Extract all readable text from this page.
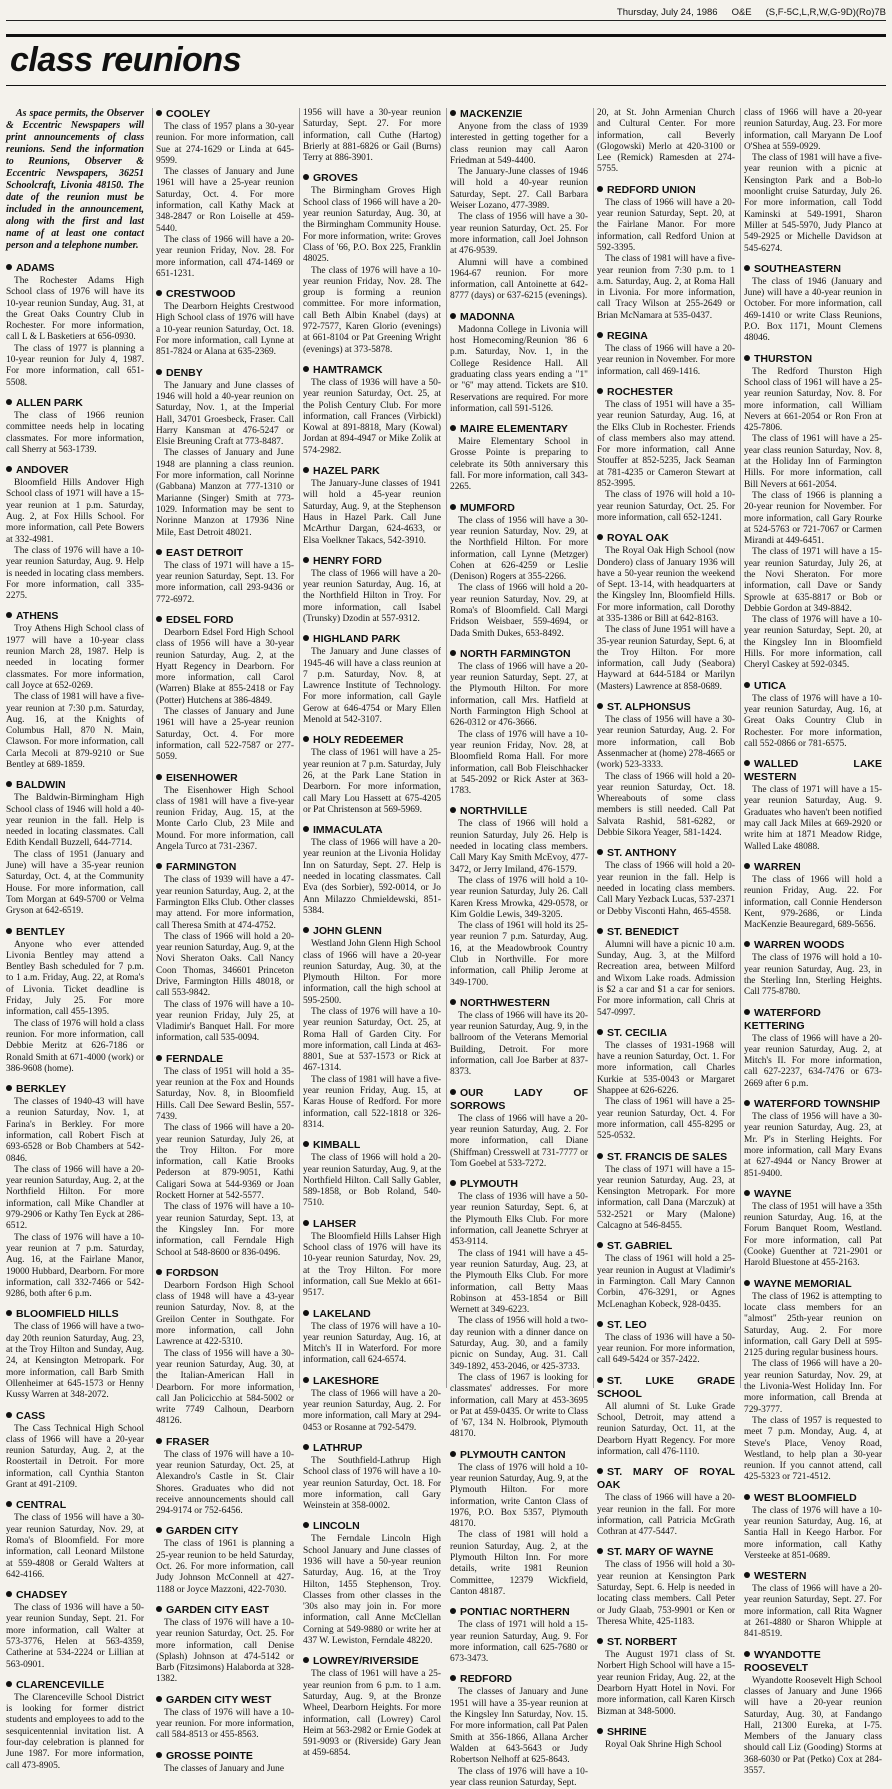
Thursday, July 24, 1986 O&E (S,F-5C,L,R,W,G-9D)(Ro)7B
class reunions

As space permits, the Observer & Eccentric Newspapers will print announcements of class reunions. Send the information to Reunions, Observer & Eccentric Newspapers, 36251 Schoolcraft, Livonia 48150. The date of the reunion must be included in the announcement, along with the first and last name of at least one contact person and a telephone number.

ADAMS

The Rochester Adams High School class of 1976 will have its 10-year reunion Sunday, Aug. 31, at the Great Oaks Country Club in Rochester. For more information, call L & L Basketiers at 656-0930.

The class of 1977 is planning a 10-year reunion for July 4, 1987. For more information, call 651-5508.

ALLEN PARK

The class of 1966 reunion committee needs help in locating classmates. For more information, call Sherry at 563-1739.

ANDOVER

Bloomfield Hills Andover High School class of 1971 will have a 15-year reunion at 1 p.m. Saturday, Aug. 2, at Fox Hills School. For more information, call Pete Bowers at 332-4981.

The class of 1976 will have a 10-year reunion Saturday, Aug. 9. Help is needed in locating class members. For more information, call 335-2275.

ATHENS

Troy Athens High School class of 1977 will have a 10-year class reunion March 28, 1987. Help is needed in locating former classmates. For more information, call Joyce at 652-0269.

The class of 1981 will have a five-year reunion at 7:30 p.m. Saturday, Aug. 16, at the Knights of Columbus Hall, 870 N. Main, Clawson. For more information, call Carla Mecoli at 879-9210 or Sue Bentley at 689-1859.

BALDWIN

The Baldwin-Birmingham High School class of 1946 will hold a 40-year reunion in the fall. Help is needed in locating classmates. Call Edith Kendall Buzzell, 644-7714.

The class of 1951 (January and June) will have a 35-year reunion Saturday, Oct. 4, at the Community House. For more information, call Tom Morgan at 649-5700 or Velma Gryson at 642-6519.

BENTLEY

Anyone who ever attended Livonia Bentley may attend a Bentley Bash scheduled for 7 p.m. to 1 a.m. Friday, Aug. 22, at Roma's of Livonia. Ticket deadline is Friday, July 25. For more information, call 455-1395.

The class of 1976 will hold a class reunion. For more information, call Debbie Meritz at 626-7186 or Ronald Smith at 671-4000 (work) or 386-9608 (home).

BERKLEY

The classes of 1940-43 will have a reunion Saturday, Nov. 1, at Farina's in Berkley. For more information, call Robert Fisch at 693-6528 or Bob Chambers at 542-0846.

The class of 1966 will have a 20-year reunion Saturday, Aug. 2, at the Northfield Hilton. For more information, call Mike Chandler at 979-2906 or Kathy Ten Eyck at 286-6512.

The class of 1976 will have a 10-year reunion at 7 p.m. Saturday, Aug. 16, at the Fairlane Manor, 19000 Hubbard, Dearborn. For more information, call 332-7466 or 542-9286, both after 6 p.m.

BLOOMFIELD HILLS

The class of 1966 will have a two-day 20th reunion Saturday, Aug. 23, at the Troy Hilton and Sunday, Aug. 24, at Kensington Metropark. For more information, call Barb Smith Ollenheimer at 645-1573 or Henny Kussy Warren at 348-2072.

CASS

The Cass Technical High School class of 1966 will have a 20-year reunion Saturday, Aug. 2, at the Roostertail in Detroit. For more information, call Cynthia Stanton Grant at 491-2109.

CENTRAL

The class of 1956 will have a 30-year reunion Saturday, Nov. 29, at Roma's of Bloomfield. For more information, call Leonard Milstone at 559-4808 or Gerald Walters at 642-4166.

CHADSEY

The class of 1936 will have a 50-year reunion Sunday, Sept. 21. For more information, call Walter at 573-3776, Helen at 563-4359, Catherine at 534-2224 or Lillian at 563-0901.

CLARENCEVILLE

The Clarenceville School District is looking for former district students and employees to add to the sesquicentennial invitation list. A four-day celebration is planned for June 1987. For more information, call 473-8905.

COOLEY

The class of 1957 plans a 30-year reunion. For more information, call Sue at 274-1629 or Linda at 645-9599.

The classes of January and June 1961 will have a 25-year reunion Saturday, Oct. 4. For more information, call Kathy Mack at 348-2847 or Ron Loiselle at 459-5440.

The class of 1966 will have a 20-year reunion Friday, Nov. 28. For more information, call 474-1469 or 651-1231.

CRESTWOOD

The Dearborn Heights Crestwood High School class of 1976 will have a 10-year reunion Saturday, Oct. 18. For more information, call Lynne at 851-7824 or Alana at 635-2369.

DENBY

The January and June classes of 1946 will hold a 40-year reunion on Saturday, Nov. 1, at the Imperial Hall, 34701 Groesbeck, Fraser. Call Harry Kansman at 476-5247 or Elsie Breuning Craft at 773-8487.

The classes of January and June 1948 are planning a class reunion. For more information, call Norinne (Gabbana) Manzon at 777-1310 or Marianne (Singer) Smith at 773-1029. Information may be sent to Norinne Manzon at 17936 Nine Mile, East Detroit 48021.

EAST DETROIT

The class of 1971 will have a 15-year reunion Saturday, Sept. 13. For more information, call 293-9436 or 772-6972.

EDSEL FORD

Dearborn Edsel Ford High School class of 1956 will have a 30-year reunion Saturday, Aug. 2, at the Hyatt Regency in Dearborn. For more information, call Carol (Warren) Blake at 855-2418 or Fay (Potter) Hutchens at 386-4849.

The classes of January and June 1961 will have a 25-year reunion Saturday, Oct. 4. For more information, call 522-7587 or 277-5059.

EISENHOWER

The Eisenhower High School class of 1981 will have a five-year reunion Friday, Aug. 15, at the Monte Carlo Club, 23 Mile and Mound. For more information, call Angela Turco at 731-2367.

FARMINGTON

The class of 1939 will have a 47-year reunion Saturday, Aug. 2, at the Farmington Elks Club. Other classes may attend. For more information, call Theresa Smith at 474-4752.

The class of 1966 will hold a 20-year reunion Saturday, Aug. 9, at the Novi Sheraton Oaks. Call Nancy Coon Thomas, 346601 Princeton Drive, Farmington Hills 48018, or call 553-9842.

The class of 1976 will have a 10-year reunion Friday, July 25, at Vladimir's Banquet Hall. For more information, call 535-0094.

FERNDALE

The class of 1951 will hold a 35-year reunion at the Fox and Hounds Saturday, Nov. 8, in Bloomfield Hills. Call Dee Seward Beslin, 557-7439.

The class of 1966 will have a 20-year reunion Saturday, July 26, at the Troy Hilton. For more information, call Katie Brooks Pederson at 879-9051, Kathi Caligari Sowa at 544-9369 or Joan Rockett Horner at 542-5577.

The class of 1976 will have a 10-year reunion Saturday, Sept. 13, at the Kingsley Inn. For more information, call Ferndale High School at 548-8600 or 836-0496.

FORDSON

Dearborn Fordson High School class of 1948 will have a 43-year reunion Saturday, Nov. 8, at the Greilon Center in Southgate. For more information, call John Lawrence at 422-5310.

The class of 1956 will have a 30-year reunion Saturday, Aug. 30, at the Italian-American Hall in Dearborn. For more information, call Jan Policicchio at 584-5002 or write 7749 Calhoun, Dearborn 48126.

FRASER

The class of 1976 will have a 10-year reunion Saturday, Oct. 25, at Alexandro's Castle in St. Clair Shores. Graduates who did not receive announcements should call 294-9174 or 752-6456.

GARDEN CITY

The class of 1961 is planning a 25-year reunion to be held Saturday, Oct. 26. For more information, call Judy Johnson McConnell at 427-1188 or Joyce Mazzoni, 422-7030.

GARDEN CITY EAST

The class of 1976 will have a 10-year reunion Saturday, Oct. 25. For more information, call Denise (Splash) Johnson at 474-5142 or Barb (Fitzsimons) Halaborda at 328-1382.

GARDEN CITY WEST

The class of 1976 will have a 10-year reunion. For more information, call 584-8513 or 455-8563.

GROSSE POINTE

The classes of January and June

1956 will have a 30-year reunion Saturday, Sept. 27. For more information, call Cuthe (Hartog) Brierly at 881-6826 or Gail (Burns) Terry at 886-3901.

GROVES

The Birmingham Groves High School class of 1966 will have a 20-year reunion Saturday, Aug. 30, at the Birmingham Community House. For more information, write: Groves Class of '66, P.O. Box 225, Franklin 48025.

The class of 1976 will have a 10-year reunion Friday, Nov. 28. The group is forming a reunion committee. For more information, call Beth Albin Knabel (days) at 972-7577, Karen Glorio (evenings) at 661-8104 or Pat Greening Wright (evenings) at 373-5878.

HAMTRAMCK

The class of 1936 will have a 50-year reunion Saturday, Oct. 25, at the Polish Century Club. For more information, call Frances (Virbickl) Kowal at 891-8818, Mary (Kowal) Jordan at 894-4947 or Mike Zolik at 574-2982.

HAZEL PARK

The January-June classes of 1941 will hold a 45-year reunion Saturday, Aug. 9, at the Stephenson Haus in Hazel Park. Call June McArthur Dargan, 624-4633, or Elsa Voelkner Takacs, 542-3910.

HENRY FORD

The class of 1966 will have a 20-year reunion Saturday, Aug. 16, at the Northfield Hilton in Troy. For more information, call Isabel (Trunsky) Dzodin at 557-9312.

HIGHLAND PARK

The January and June classes of 1945-46 will have a class reunion at 7 p.m. Saturday, Nov. 8, at Lawrence Institute of Technology. For more information, call Gayle Gerow at 646-4754 or Mary Ellen Menold at 542-3107.

HOLY REDEEMER

The class of 1961 will have a 25-year reunion at 7 p.m. Saturday, July 26, at the Park Lane Station in Dearborn. For more information, call Mary Lou Hassett at 675-4205 or Pat Christenson at 569-5969.

IMMACULATA

The class of 1966 will have a 20-year reunion at the Livonia Holiday Inn on Saturday, Sept. 27. Help is needed in locating classmates. Call Eva (des Sorbier), 592-0014, or Jo Ann Milazzo Chmieldewski, 851-5384.

JOHN GLENN

Westland John Glenn High School class of 1966 will have a 20-year reunion Saturday, Aug. 30, at the Plymouth Hilton. For more information, call the high school at 595-2500.

The class of 1976 will have a 10-year reunion Saturday, Oct. 25, at Roma Hall of Garden City. For more information, call Linda at 463-8801, Sue at 537-1573 or Rick at 467-1314.

The class of 1981 will have a five-year reunion Friday, Aug. 15, at Karas House of Redford. For more information, call 522-1818 or 326-8314.

KIMBALL

The class of 1966 will hold a 20-year reunion Saturday, Aug. 9, at the Northfield Hilton. Call Sally Gabler, 589-1858, or Bob Roland, 540-7510.

LAHSER

The Bloomfield Hills Lahser High School class of 1976 will have its 10-year reunion Saturday, Nov. 29, at the Troy Hilton. For more information, call Sue Meklo at 661-9517.

LAKELAND

The class of 1976 will have a 10-year reunion Saturday, Aug. 16, at Mitch's II in Waterford. For more information, call 624-6574.

LAKESHORE

The class of 1966 will have a 20-year reunion Saturday, Aug. 2. For more information, call Mary at 294-0453 or Rosanne at 792-5479.

LATHRUP

The Southfield-Lathrup High School class of 1976 will have a 10-year reunion Saturday, Oct. 18. For more information, call Gary Weinstein at 358-0002.

LINCOLN

The Ferndale Lincoln High School January and June classes of 1936 will have a 50-year reunion Saturday, Aug. 16, at the Troy Hilton, 1455 Stephenson, Troy. Classes from other classes in the '30s also may join in. For more information, call Anne McClellan Corning at 549-9880 or write her at 437 W. Lewiston, Ferndale 48220.

LOWREY/RIVERSIDE

The class of 1961 will have a 25-year reunion from 6 p.m. to 1 a.m. Saturday, Aug. 9, at the Bronze Wheel, Dearborn Heights. For more information, call (Lowrey) Carol Heim at 563-2982 or Ernie Godek at 591-9093 or (Riverside) Gary Jean at 459-6854.

MACKENZIE

Anyone from the class of 1939 interested in getting together for a class reunion may call Aaron Friedman at 549-4400.

The January-June classes of 1946 will hold a 40-year reunion Saturday, Sept. 27. Call Barbara Weiser Lozano, 477-3989.

The class of 1956 will have a 30-year reunion Saturday, Oct. 25. For more information, call Joel Johnson at 476-9539.

Alumni will have a combined 1964-67 reunion. For more information, call Antoinette at 642-8777 (days) or 637-6215 (evenings).

MADONNA

Madonna College in Livonia will host Homecoming/Reunion '86 6 p.m. Saturday, Nov. 1, in the College Residence Hall. All graduating class years ending a "1" or "6" may attend. Tickets are $10. Reservations are required. For more information, call 591-5126.

MAIRE ELEMENTARY

Maire Elementary School in Grosse Pointe is preparing to celebrate its 50th anniversary this fall. For more information, call 343-2265.

MUMFORD

The class of 1956 will have a 30-year reunion Saturday, Nov. 29, at the Northfield Hilton. For more information, call Lynne (Metzger) Cohen at 626-4259 or Leslie (Denison) Rogers at 355-2266.

The class of 1966 will hold a 20-year reunion Saturday, Nov. 29, at Roma's of Bloomfield. Call Margi Fridson Weisbaer, 559-4694, or Dada Smith Dukes, 653-8492.

NORTH FARMINGTON

The class of 1966 will have a 20-year reunion Saturday, Sept. 27, at the Plymouth Hilton. For more information, call Mrs. Hatfield at North Farmington High School at 626-0312 or 476-3666.

The class of 1976 will have a 10-year reunion Friday, Nov. 28, at Bloomfield Roma Hall. For more information, call Bob Fleischhacker at 545-2092 or Rick Aster at 363-1783.

NORTHVILLE

The class of 1966 will hold a reunion Saturday, July 26. Help is needed in locating class members. Call Mary Kay Smith McEvoy, 477-3472, or Jerry Imiland, 476-1579.

The class of 1976 will hold a 10-year reunion Saturday, July 26. Call Karen Kress Mrowka, 429-0578, or Kim Goldie Lewis, 349-3205.

The class of 1961 will hold its 25-year reunion 7 p.m. Saturday, Aug. 16, at the Meadowbrook Country Club in Northville. For more information, call Philip Jerome at 349-1700.

NORTHWESTERN

The class of 1966 will have its 20-year reunion Saturday, Aug. 9, in the ballroom of the Veterans Memorial Building, Detroit. For more information, call Joe Barber at 837-8373.

OUR LADY OF SORROWS

The class of 1966 will have a 20-year reunion Saturday, Aug. 2. For more information, call Diane (Shiffman) Cresswell at 731-7777 or Tom Goebel at 533-7272.

PLYMOUTH

The class of 1936 will have a 50-year reunion Saturday, Sept. 6, at the Plymouth Elks Club. For more information, call Jeanette Schryer at 453-9114.

The class of 1941 will have a 45-year reunion Saturday, Aug. 23, at the Plymouth Elks Club. For more information, call Betty Maas Robinson at 453-1854 or Bill Wernett at 349-6223.

The class of 1956 will hold a two-day reunion with a dinner dance on Saturday, Aug. 30, and a family picnic on Sunday, Aug. 31. Call 349-1892, 453-2046, or 425-3733.

The class of 1967 is looking for classmates' addresses. For more information, call Mary at 453-3695 or Pat at 459-0435. Or write to Class of '67, 134 N. Holbrook, Plymouth 48170.

PLYMOUTH CANTON

The class of 1976 will hold a 10-year reunion Saturday, Aug. 9, at the Plymouth Hilton. For more information, write Canton Class of 1976, P.O. Box 5357, Plymouth 48170.

The class of 1981 will hold a reunion Saturday, Aug. 2, at the Plymouth Hilton Inn. For more details, write 1981 Reunion Committee, 12379 Wickfield, Canton 48187.

PONTIAC NORTHERN

The class of 1971 will hold a 15-year reunion Saturday, Aug. 9. For more information, call 625-7680 or 673-3473.

REDFORD

The classes of January and June 1951 will have a 35-year reunion at the Kingsley Inn Saturday, Nov. 15. For more information, call Pat Palen Smith at 356-1866, Allana Archer Walden at 643-5643 or Judy Robertson Nelhoff at 625-8643.

The class of 1976 will have a 10-year class reunion Saturday, Sept.

20, at St. John Armenian Church and Cultural Center. For more information, call Beverly (Glogowski) Merlo at 420-3100 or Lee (Remick) Ramesden at 274-5755.

REDFORD UNION

The class of 1966 will have a 20-year reunion Saturday, Sept. 20, at the Fairlane Manor. For more information, call Redford Union at 592-3395.

The class of 1981 will have a five-year reunion from 7:30 p.m. to 1 a.m. Saturday, Aug. 2, at Roma Hall in Livonia. For more information, call Tracy Wilson at 255-2649 or Brian McNamara at 535-0437.

REGINA

The class of 1966 will have a 20-year reunion in November. For more information, call 469-1416.

ROCHESTER

The class of 1951 will have a 35-year reunion Saturday, Aug. 16, at the Elks Club in Rochester. Friends of class members also may attend. For more information, call Anne Stouffer at 852-5235, Jack Seaman at 781-4235 or Cameron Stewart at 852-3995.

The class of 1976 will hold a 10-year reunion Saturday, Oct. 25. For more information, call 652-1241.

ROYAL OAK

The Royal Oak High School (now Dondero) class of January 1936 will have a 50-year reunion the weekend of Sept. 13-14, with headquarters at the Kingsley Inn, Bloomfield Hills. For more information, call Dorothy at 335-1386 or Bill at 642-8163.

The class of June 1951 will have a 35-year reunion Saturday, Sept. 6, at the Troy Hilton. For more information, call Judy (Seabora) Hayward at 644-5184 or Marilyn (Masters) Lawrence at 858-0689.

ST. ALPHONSUS

The class of 1956 will have a 30-year reunion Saturday, Aug. 2. For more information, call Bob Assenmacher at (home) 278-4665 or (work) 523-3333.

The class of 1966 will hold a 20-year reunion Saturday, Oct. 18. Whereabouts of some class members is still needed. Call Pat Salvata Rashid, 581-6282, or Debbie Sikora Yeager, 581-1424.

ST. ANTHONY

The class of 1966 will hold a 20-year reunion in the fall. Help is needed in locating class members. Call Mary Yezback Lucas, 537-2371 or Debby Visconti Hahn, 465-4558.

ST. BENEDICT

Alumni will have a picnic 10 a.m. Sunday, Aug. 3, at the Milford Recreation area, between Milford and Wixom Lake roads. Admission is $2 a car and $1 a car for seniors. For more information, call Chris at 547-0997.

ST. CECILIA

The classes of 1931-1968 will have a reunion Saturday, Oct. 1. For more information, call Charles Kurkie at 535-0043 or Margaret Shappee at 626-6226.

The class of 1961 will have a 25-year reunion Saturday, Oct. 4. For more information, call 455-8295 or 525-0532.

ST. FRANCIS DE SALES

The class of 1971 will have a 15-year reunion Saturday, Aug. 23, at Kensington Metropark. For more information, call Dana (Marczuk) at 532-2521 or Mary (Malone) Calcagno at 546-8455.

ST. GABRIEL

The class of 1961 will hold a 25-year reunion in August at Vladimir's in Farmington. Call Mary Cannon Corbin, 476-3291, or Agnes McLenaghan Kobeck, 928-0435.

ST. LEO

The class of 1936 will have a 50-year reunion. For more information, call 649-5424 or 357-2422.

ST. LUKE GRADE SCHOOL

All alumni of St. Luke Grade School, Detroit, may attend a reunion Saturday, Oct. 11, at the Dearborn Hyatt Regency. For more information, call 476-1110.

ST. MARY OF ROYAL OAK

The class of 1966 will have a 20-year reunion in the fall. For more information, call Patricia McGrath Cothran at 477-5447.

ST. MARY OF WAYNE

The class of 1956 will hold a 30-year reunion at Kensington Park Saturday, Sept. 6. Help is needed in locating class members. Call Peter or Judy Glaab, 753-9901 or Ken or Theresa White, 425-1183.

ST. NORBERT

The August 1971 class of St. Norbert High School will have a 15-year reunion Friday, Aug. 22, at the Dearborn Hyatt Hotel in Novi. For more information, call Karen Kirsch Bizman at 348-5000.

SHRINE

Royal Oak Shrine High School

class of 1966 will have a 20-year reunion Saturday, Aug. 23. For more information, call Maryann De Loof O'Shea at 559-0929.

The class of 1981 will have a five-year reunion with a picnic at Kensington Park and a Bob-lo moonlight cruise Saturday, July 26. For more information, call Todd Kaminski at 549-1991, Sharon Miller at 545-5970, Judy Planco at 549-2925 or Michelle Davidson at 545-6274.

SOUTHEASTERN

The class of 1946 (January and June) will have a 40-year reunion in October. For more information, call 469-1410 or write Class Reunions, P.O. Box 1171, Mount Clemens 48046.

THURSTON

The Redford Thurston High School class of 1961 will have a 25-year reunion Saturday, Nov. 8. For more information, call William Nevers at 661-2054 or Ron Fron at 425-7806.

The class of 1961 will have a 25-year class reunion Saturday, Nov. 8, at the Holiday Inn of Farmington Hills. For more information, call Bill Nevers at 661-2054.

The class of 1966 is planning a 20-year reunion for November. For more information, call Gary Rourke at 524-5763 or 721-7067 or Carmen Mirandi at 449-6451.

The class of 1971 will have a 15-year reunion Saturday, July 26, at the Novi Sheraton. For more information, call Dave or Sandy Sprowle at 635-8817 or Bob or Debbie Gordon at 349-8842.

The class of 1976 will have a 10-year reunion Saturday, Sept. 20, at the Kingsley Inn in Bloomfield Hills. For more information, call Cheryl Caskey at 592-0345.

UTICA

The class of 1976 will have a 10-year reunion Saturday, Aug. 16, at Great Oaks Country Club in Rochester. For more information, call 552-0866 or 781-6575.

WALLED LAKE WESTERN

The class of 1971 will have a 15-year reunion Saturday, Aug. 9. Graduates who haven't been notified may call Jack Miles at 669-2920 or write him at 1871 Meadow Ridge, Walled Lake 48088.

WARREN

The class of 1966 will hold a reunion Friday, Aug. 22. For information, call Connie Henderson Kent, 979-2686, or Linda MacKenzie Beauregard, 689-5656.

WARREN WOODS

The class of 1976 will hold a 10-year reunion Saturday, Aug. 23, in the Sterling Inn, Sterling Heights. Call 775-8780.

WATERFORD KETTERING

The class of 1966 will have a 20-year reunion Saturday, Aug. 2, at Mitch's II. For more information, call 627-2237, 634-7476 or 673-2669 after 6 p.m.

WATERFORD TOWNSHIP

The class of 1956 will have a 30-year reunion Saturday, Aug. 23, at Mr. P's in Sterling Heights. For more information, call Mary Evans at 627-4944 or Nancy Brower at 851-9400.

WAYNE

The class of 1951 will have a 35th reunion Saturday, Aug. 16, at the Forum Banquet Room, Westland. For more information, call Pat (Cooke) Guenther at 721-2901 or Harold Bluestone at 455-2163.

WAYNE MEMORIAL

The class of 1962 is attempting to locate class members for an "almost" 25th-year reunion on Saturday, Aug. 2. For more information, call Gary Dell at 595-2125 during regular business hours.

The class of 1966 will have a 20-year reunion Saturday, Nov. 29, at the Livonia-West Holiday Inn. For more information, call Brenda at 729-3777.

The class of 1957 is requested to meet 7 p.m. Monday, Aug. 4, at Steve's Place, Venoy Road, Westland, to help plan a 30-year reunion. If you cannot attend, call 425-5323 or 721-4512.

WEST BLOOMFIELD

The class of 1976 will have a 10-year reunion Saturday, Aug. 16, at Santia Hall in Keego Harbor. For more information, call Kathy Versteeke at 851-0689.

WESTERN

The class of 1966 will have a 20-year reunion Saturday, Sept. 27. For more information, call Rita Wagner at 261-4880 or Sharon Whipple at 841-8519.

WYANDOTTE ROOSEVELT

Wyandotte Roosevelt High School classes of January and June 1966 will have a 20-year reunion Saturday, Aug. 30, at Fandango Hall, 21300 Eureka, at I-75. Members of the January class should call Liz (Gooding) Storms at 368-6030 or Pat (Petko) Cox at 284-3557.
